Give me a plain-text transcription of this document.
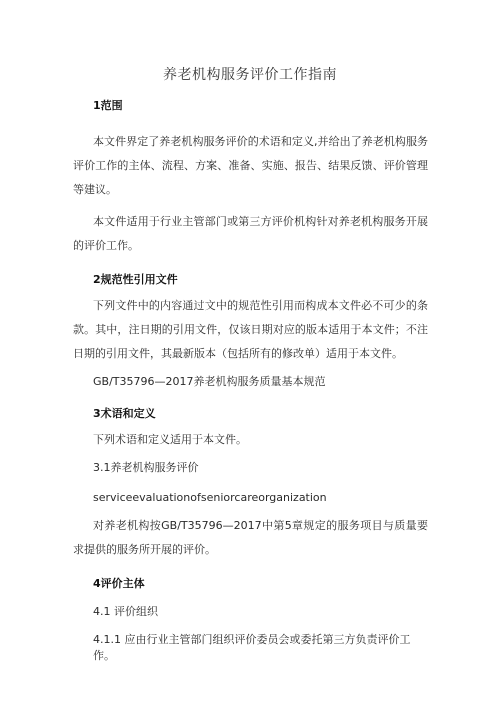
养老机构服务评价工作指南
1范围

本文件界定了养老机构服务评价的术语和定义,并给出了养老机构服务评价工作的主体、流程、方案、准备、实施、报告、结果反馈、评价管理等建议。

本文件适用于行业主管部门或第三方评价机构针对养老机构服务开展的评价工作。

2规范性引用文件

下列文件中的内容通过文中的规范性引用而构成本文件必不可少的条款。其中，注日期的引用文件，仅该日期对应的版本适用于本文件；不注日期的引用文件，其最新版本（包括所有的修改单）适用于本文件。

GB/T35796—2017养老机构服务质量基本规范
3术语和定义
下列术语和定义适用于本文件。
3.1养老机构服务评价
serviceevaluationofseniorcareorganization

对养老机构按GB/T35796—2017中第5章规定的服务项目与质量要求提供的服务所开展的评价。

4评价主体
4.1 评价组织
4.1.1 应由行业主管部门组织评价委员会或委托第三方负责评价工作。
